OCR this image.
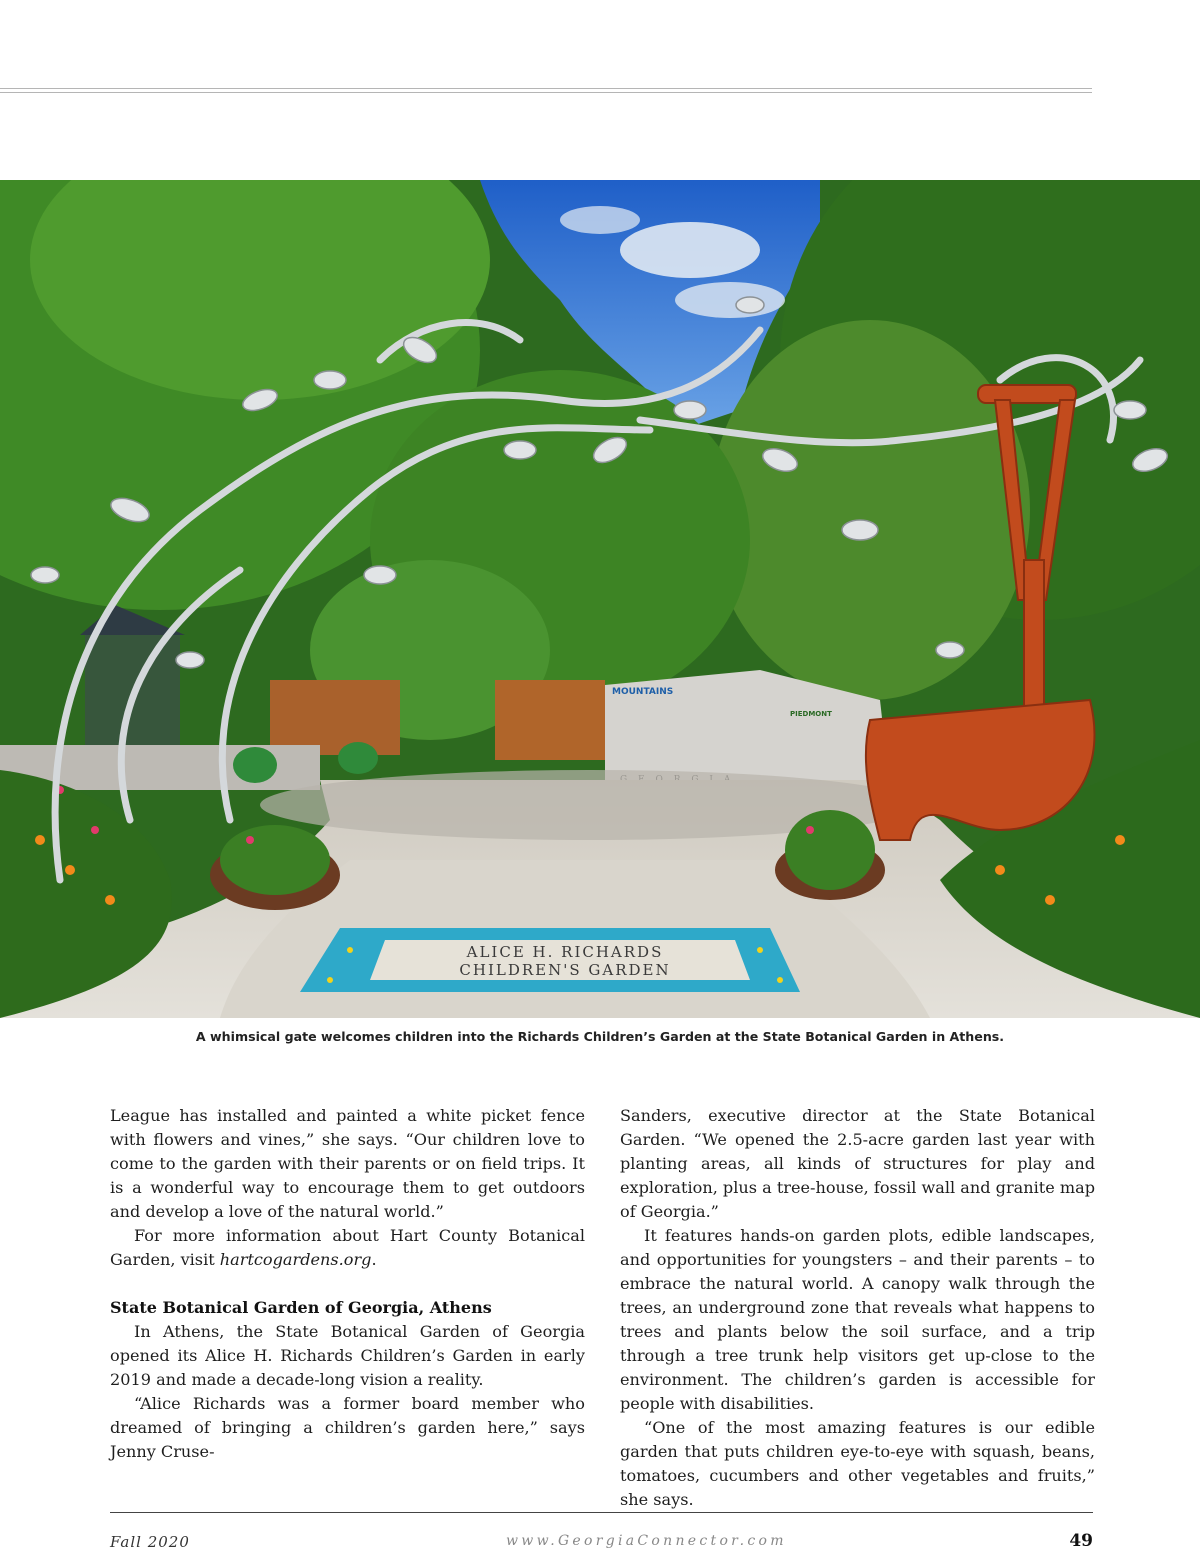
MOUNTAINS
PIEDMONT
ALICE H. RICHARDS
CHILDREN'S GARDEN
A whimsical gate welcomes children into the Richards Children’s Garden at the State Botanical Garden in Athens.

League has installed and painted a white picket fence with flowers and vines,” she says. “Our children love to come to the garden with their parents or on field trips. It is a wonderful way to encourage them to get outdoors and develop a love of the natural world.”

For more information about Hart County Botanical Garden, visit hartcogardens.org.

State Botanical Garden of Georgia, Athens

In Athens, the State Botanical Garden of Georgia opened its Alice H. Richards Children’s Garden in early 2019 and made a decade-long vision a reality.

“Alice Richards was a former board member who dreamed of bringing a children’s garden here,” says Jenny Cruse-

Sanders, executive director at the State Botanical Garden. “We opened the 2.5-acre garden last year with planting areas, all kinds of structures for play and exploration, plus a tree-house, fossil wall and granite map of Georgia.”

It features hands-on garden plots, edible landscapes, and opportunities for youngsters – and their parents – to embrace the natural world. A canopy walk through the trees, an underground zone that reveals what happens to trees and plants below the soil surface, and a trip through a tree trunk help visitors get up-close to the environment. The children’s garden is accessible for people with disabilities.

“One of the most amazing features is our edible garden that puts children eye-to-eye with squash, beans, tomatoes, cucumbers and other vegetables and fruits,” she says.

Fall 2020	www.GeorgiaConnector.com	49
